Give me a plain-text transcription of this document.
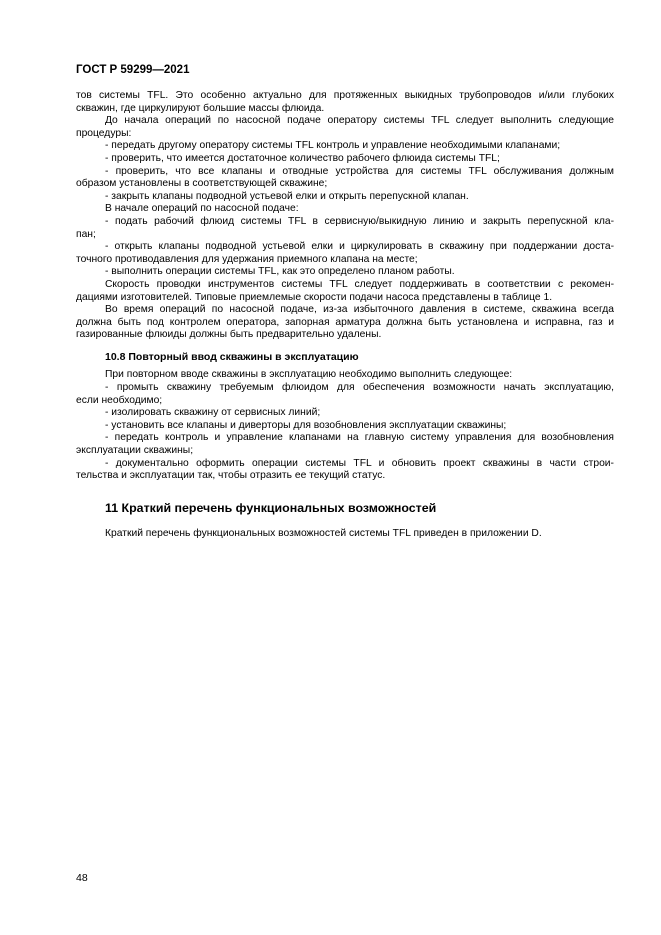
ГОСТ Р 59299—2021

тов системы TFL. Это особенно актуально для протяженных выкидных трубопроводов и/или глубоких
скважин, где циркулируют большие массы флюида.

Дo начала операций по насосной подаче оператору системы TFL следует выполнить следующие
процедуры:

- передать другому оператору системы TFL контроль и управление необходимыми клапанами;

- проверить, что имеется достаточное количество рабочего флюида системы TFL;

- проверить, что все клапаны и отводные устройства для системы TFL обслуживания должным
образом установлены в соответствующей скважине;

- закрыть клапаны подводной устьевой елки и открыть перепускной клапан.

В начале операций по насосной подаче:

- подать рабочий флюид системы TFL в сервисную/выкидную линию и закрыть перепускной кла-
пан;

- открыть клапаны подводной устьевой елки и циркулировать в скважину при поддержании доста-
точного противодавления для удержания приемного клапана на месте;

- выполнить операции системы TFL, как это определено планом работы.

Скорость проводки инструментов системы TFL следует поддерживать в соответствии с рекомен-
дациями изготовителей. Типовые приемлемые скорости подачи насоса представлены в таблице 1.

Во время операций по насосной подаче, из-за избыточного давления в системе, скважина всегда
должна быть под контролем оператора, запорная арматура должна быть установлена и исправна, газ и
газированные флюиды должны быть предварительно удалены.

10.8 Повторный ввод скважины в эксплуатацию

При повторном вводе скважины в эксплуатацию необходимо выполнить следующее:

- промыть скважину требуемым флюидом для обеспечения возможности начать эксплуатацию,
если необходимо;

- изолировать скважину от сервисных линий;

- установить все клапаны и диверторы для возобновления эксплуатации скважины;

- передать контроль и управление клапанами на главную систему управления для возобновления
эксплуатации скважины;

- документально оформить операции системы TFL и обновить проект скважины в части строи-
тельства и эксплуатации так, чтобы отразить ее текущий статус.

11 Краткий перечень функциональных возможностей

Краткий перечень функциональных возможностей системы TFL приведен в приложении D.

48
